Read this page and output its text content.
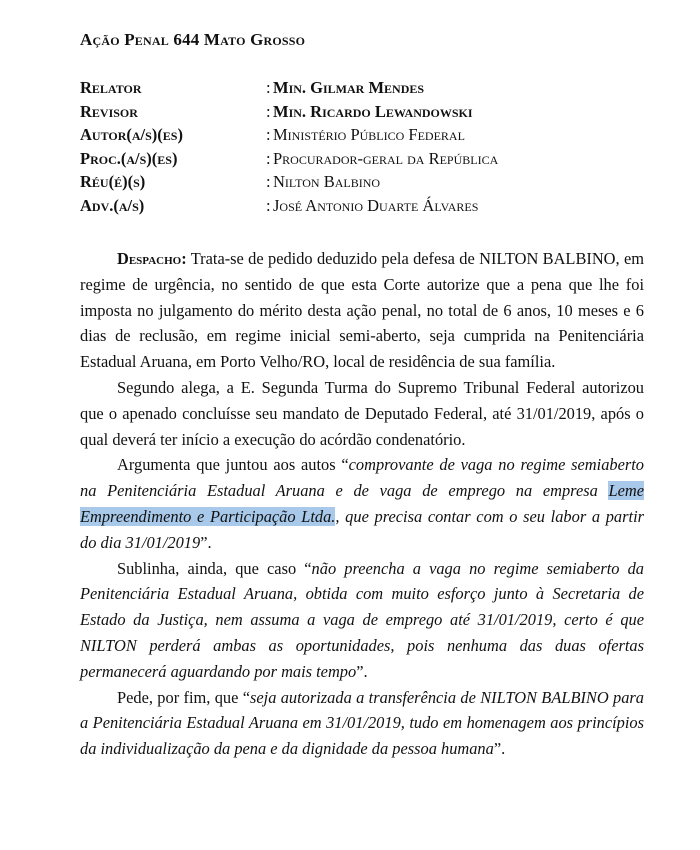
Ação Penal 644 Mato Grosso
Relator	: Min. Gilmar Mendes
Revisor	: Min. Ricardo Lewandowski
Autor(a/s)(es)	: Ministério Público Federal
Proc.(a/s)(es)	: Procurador-geral da República
Réu(é)(s)	: Nilton Balbino
Adv.(a/s)	: José Antonio Duarte Álvares

Despacho: Trata-se de pedido deduzido pela defesa de NILTON BALBINO, em regime de urgência, no sentido de que esta Corte autorize que a pena que lhe foi imposta no julgamento do mérito desta ação penal, no total de 6 anos, 10 meses e 6 dias de reclusão, em regime inicial semi-aberto, seja cumprida na Penitenciária Estadual Aruana, em Porto Velho/RO, local de residência de sua família.

Segundo alega, a E. Segunda Turma do Supremo Tribunal Federal autorizou que o apenado concluísse seu mandato de Deputado Federal, até 31/01/2019, após o qual deverá ter início a execução do acórdão condenatório.

Argumenta que juntou aos autos “comprovante de vaga no regime semiaberto na Penitenciária Estadual Aruana e de vaga de emprego na empresa Leme Empreendimento e Participação Ltda., que precisa contar com o seu labor a partir do dia 31/01/2019”.

Sublinha, ainda, que caso “não preencha a vaga no regime semiaberto da Penitenciária Estadual Aruana, obtida com muito esforço junto à Secretaria de Estado da Justiça, nem assuma a vaga de emprego até 31/01/2019, certo é que NILTON perderá ambas as oportunidades, pois nenhuma das duas ofertas permanecerá aguardando por mais tempo”.

Pede, por fim, que “seja autorizada a transferência de NILTON BALBINO para a Penitenciária Estadual Aruana em 31/01/2019, tudo em homenagem aos princípios da individualização da pena e da dignidade da pessoa humana”.
